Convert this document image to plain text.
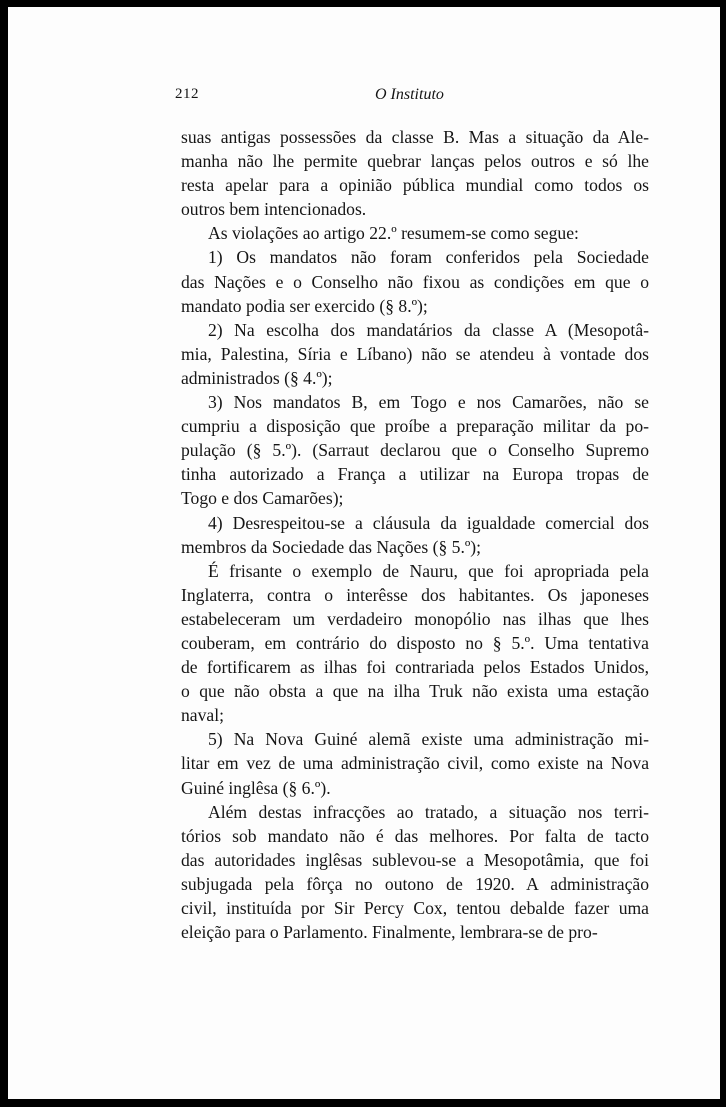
212	O Instituto
suas antigas possessões da classe B. Mas a situação da Ale-
manha não lhe permite quebrar lanças pelos outros e só lhe
resta apelar para a opinião pública mundial como todos os
outros bem intencionados.
As violações ao artigo 22.º resumem-se como segue:
1) Os mandatos não foram conferidos pela Sociedade
das Nações e o Conselho não fixou as condições em que o
mandato podia ser exercido (§ 8.º);
2) Na escolha dos mandatários da classe A (Mesopotâ-
mia, Palestina, Síria e Líbano) não se atendeu à vontade dos
administrados (§ 4.º);
3) Nos mandatos B, em Togo e nos Camarões, não se
cumpriu a disposição que proíbe a preparação militar da po-
pulação (§ 5.º). (Sarraut declarou que o Conselho Supremo
tinha autorizado a França a utilizar na Europa tropas de
Togo e dos Camarões);
4) Desrespeitou-se a cláusula da igualdade comercial dos
membros da Sociedade das Nações (§ 5.º);
É frisante o exemplo de Nauru, que foi apropriada pela
Inglaterra, contra o interêsse dos habitantes. Os japoneses
estabeleceram um verdadeiro monopólio nas ilhas que lhes
couberam, em contrário do disposto no § 5.º. Uma tentativa
de fortificarem as ilhas foi contrariada pelos Estados Unidos,
o que não obsta a que na ilha Truk não exista uma estação
naval;
5) Na Nova Guiné alemã existe uma administração mi-
litar em vez de uma administração civil, como existe na Nova
Guiné inglêsa (§ 6.º).
Além destas infracções ao tratado, a situação nos terri-
tórios sob mandato não é das melhores. Por falta de tacto
das autoridades inglêsas sublevou-se a Mesopotâmia, que foi
subjugada pela fôrça no outono de 1920. A administração
civil, instituída por Sir Percy Cox, tentou debalde fazer uma
eleição para o Parlamento. Finalmente, lembrara-se de pro-
